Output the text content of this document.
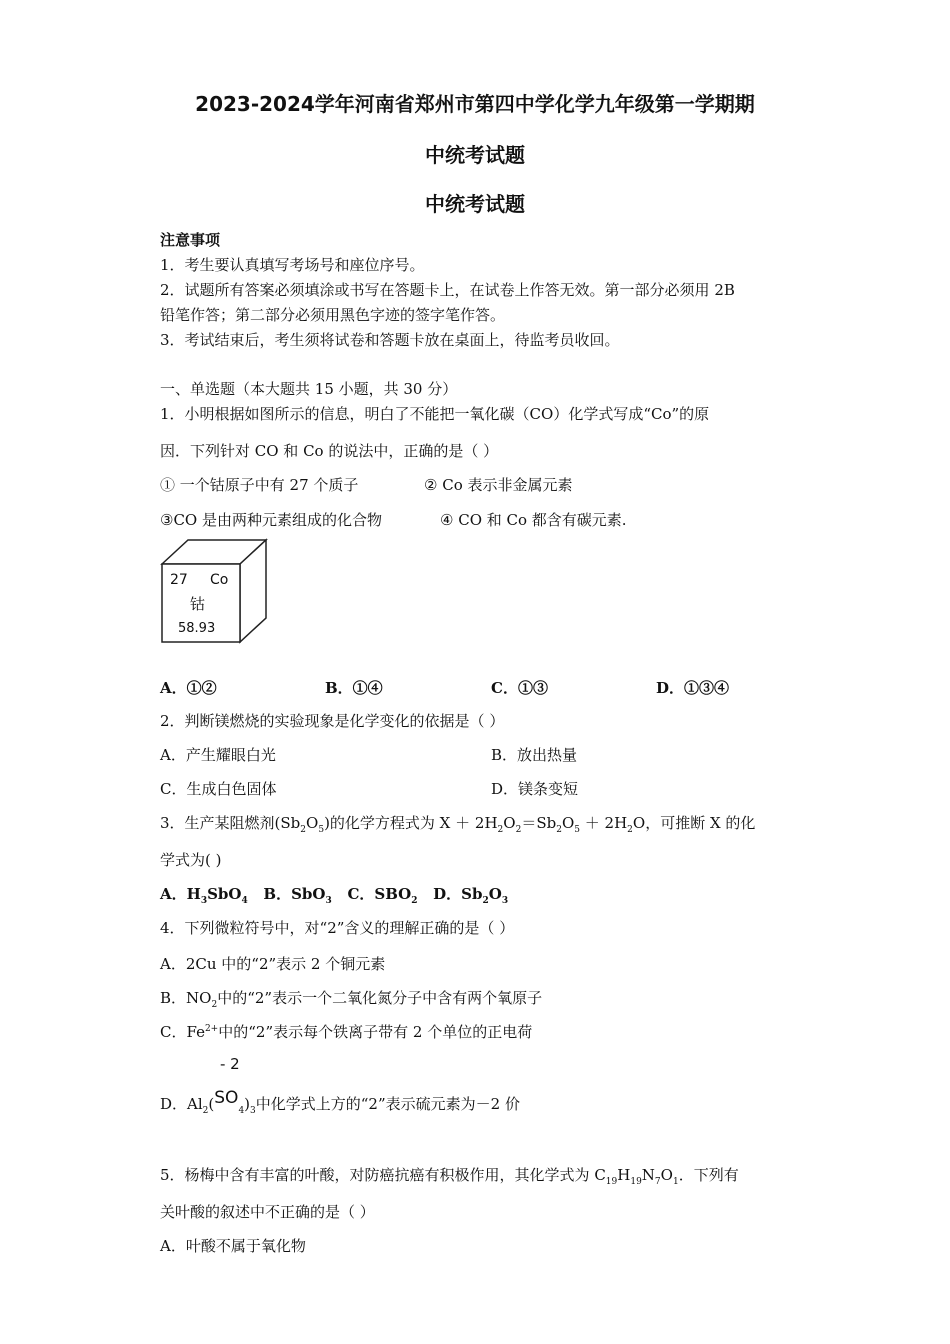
2023-2024学年河南省郑州市第四中学化学九年级第一学期期
中统考试题
中统考试题
注意事项
1．考生要认真填写考场号和座位序号。
2．试题所有答案必须填涂或书写在答题卡上，在试卷上作答无效。第一部分必须用 2B
铅笔作答；第二部分必须用黑色字迹的签字笔作答。
3．考试结束后，考生须将试卷和答题卡放在桌面上，待监考员收回。
一、单选题（本大题共 15 小题，共 30 分）
1．小明根据如图所示的信息，明白了不能把一氧化碳（CO）化学式写成“Co”的原
因．下列针对 CO 和 Co 的说法中，正确的是（ ）
① 一个钴原子中有 27 个质子	② Co 表示非金属元素
③CO 是由两种元素组成的化合物	④ CO 和 Co 都含有碳元素.
27 Co
钴
58.93
A．①②	B．①④	C．①③	D．①③④
2．判断镁燃烧的实验现象是化学变化的依据是（ ）
A．产生耀眼白光	B．放出热量
C．生成白色固体	D．镁条变短
3．生产某阻燃剂$(Sb_2O_5)$的化学方程式为 $X + 2H_2O_2=Sb_2O_5 + 2H_2O$，可推断 X 的化
学式为( )
A．$H_3SbO_4$ B．SbO$_3$ C．$SBO_2$ D．$Sb_2O_3$
4．下列微粒符号中，对“2”含义的理解正确的是（ ）
A．2Cu 中的“2”表示 2 个铜元素
B．$NO_2$中的“2”表示一个二氧化氮分子中含有两个氧原子
C．$Fe^{2+}$中的“2”表示每个铁离子带有 2 个单位的正电荷
- 2
D．$Al_2(SO_4)_3$中化学式上方的“2”表示硫元素为－2 价
5．杨梅中含有丰富的叶酸，对防癌抗癌有积极作用，其化学式为 $C_{19}H_{19}N_7O_1$．下列有
关叶酸的叙述中不正确的是（ ）
A．叶酸不属于氧化物
